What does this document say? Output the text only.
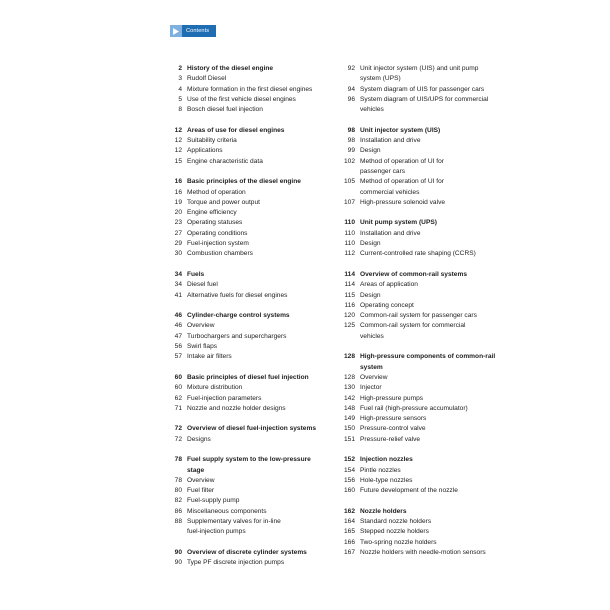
Contents
2 History of the diesel engine
3 Rudolf Diesel
4 Mixture formation in the first diesel engines
5 Use of the first vehicle diesel engines
8 Bosch diesel fuel injection
12 Areas of use for diesel engines
12 Suitability criteria
12 Applications
15 Engine characteristic data
16 Basic principles of the diesel engine
16 Method of operation
19 Torque and power output
20 Engine efficiency
23 Operating statuses
27 Operating conditions
29 Fuel-injection system
30 Combustion chambers
34 Fuels
34 Diesel fuel
41 Alternative fuels for diesel engines
46 Cylinder-charge control systems
46 Overview
47 Turbochargers and superchargers
56 Swirl flaps
57 Intake air filters
60 Basic principles of diesel fuel injection
60 Mixture distribution
62 Fuel-injection parameters
71 Nozzle and nozzle holder designs
72 Overview of diesel fuel-injection systems
72 Designs
78 Fuel supply system to the low-pressure
stage
78 Overview
80 Fuel filter
82 Fuel-supply pump
86 Miscellaneous components
88 Supplementary valves for in-line
fuel-injection pumps
90 Overview of discrete cylinder systems
90 Type PF discrete injection pumps
92 Unit injector system (UIS) and unit pump
system (UPS)
94 System diagram of UIS for passenger cars
96 System diagram of UIS/UPS for commercial
vehicles
98 Unit injector system (UIS)
98 Installation and drive
99 Design
102 Method of operation of UI for
passenger cars
105 Method of operation of UI for
commercial vehicles
107 High-pressure solenoid valve
110 Unit pump system (UPS)
110 Installation and drive
110 Design
112 Current-controlled rate shaping (CCRS)
114 Overview of common-rail systems
114 Areas of application
115 Design
116 Operating concept
120 Common-rail system for passenger cars
125 Common-rail system for commercial
vehicles
128 High-pressure components of common-rail
system
128 Overview
130 Injector
142 High-pressure pumps
148 Fuel rail (high-pressure accumulator)
149 High-pressure sensors
150 Pressure-control valve
151 Pressure-relief valve
152 Injection nozzles
154 Pintle nozzles
156 Hole-type nozzles
160 Future development of the nozzle
162 Nozzle holders
164 Standard nozzle holders
165 Stepped nozzle holders
166 Two-spring nozzle holders
167 Nozzle holders with needle-motion sensors
